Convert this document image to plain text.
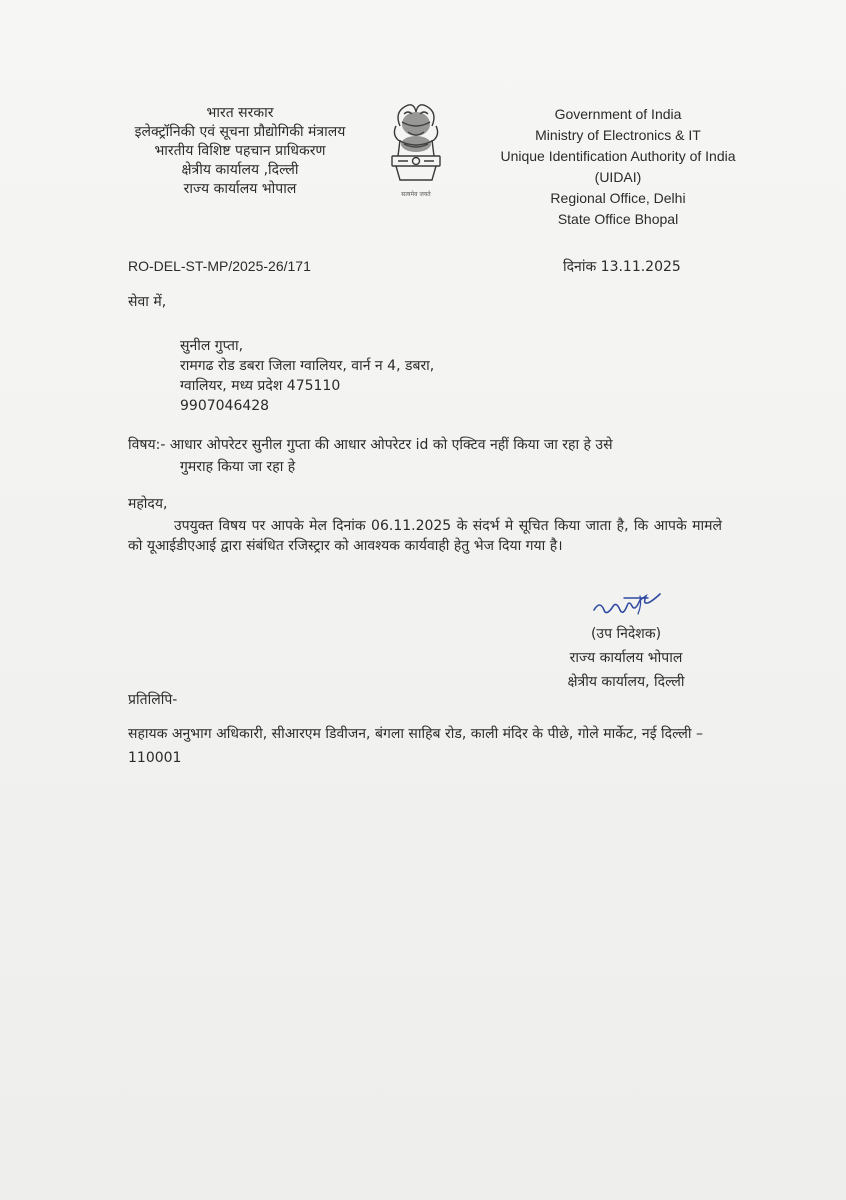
भारत सरकार
इलेक्ट्रॉनिकी एवं सूचना प्रौद्योगिकी मंत्रालय
भारतीय विशिष्ट पहचान प्राधिकरण
क्षेत्रीय कार्यालय ,दिल्ली
राज्य कार्यालय भोपाल	सत्यमेव जयते
Government of India
Ministry of Electronics & IT
Unique Identification Authority of India
(UIDAI)
Regional Office, Delhi
State Office Bhopal
RO-DEL-ST-MP/2025-26/171	दिनांक 13.11.2025
सेवा में,
सुनील गुप्ता,
रामगढ रोड डबरा जिला ग्वालियर, वार्न न 4, डबरा,
ग्वालियर, मध्य प्रदेश 475110
9907046428
विषय:- आधार ओपरेटर सुनील गुप्ता की आधार ओपरेटर id को एक्टिव नहीं किया जा रहा हे उसे
गुमराह किया जा रहा हे
महोदय,
उपयुक्त विषय पर आपके मेल दिनांक 06.11.2025 के संदर्भ मे सूचित किया जाता है, कि आपके मामले को यूआईडीएआई द्वारा संबंधित रजिस्ट्रार को आवश्यक कार्यवाही हेतु भेज दिया गया है।
(उप निदेशक)
राज्य कार्यालय भोपाल
क्षेत्रीय कार्यालय, दिल्ली
प्रतिलिपि-
सहायक अनुभाग अधिकारी, सीआरएम डिवीजन, बंगला साहिब रोड, काली मंदिर के पीछे, गोले मार्केट, नई दिल्ली – 110001
